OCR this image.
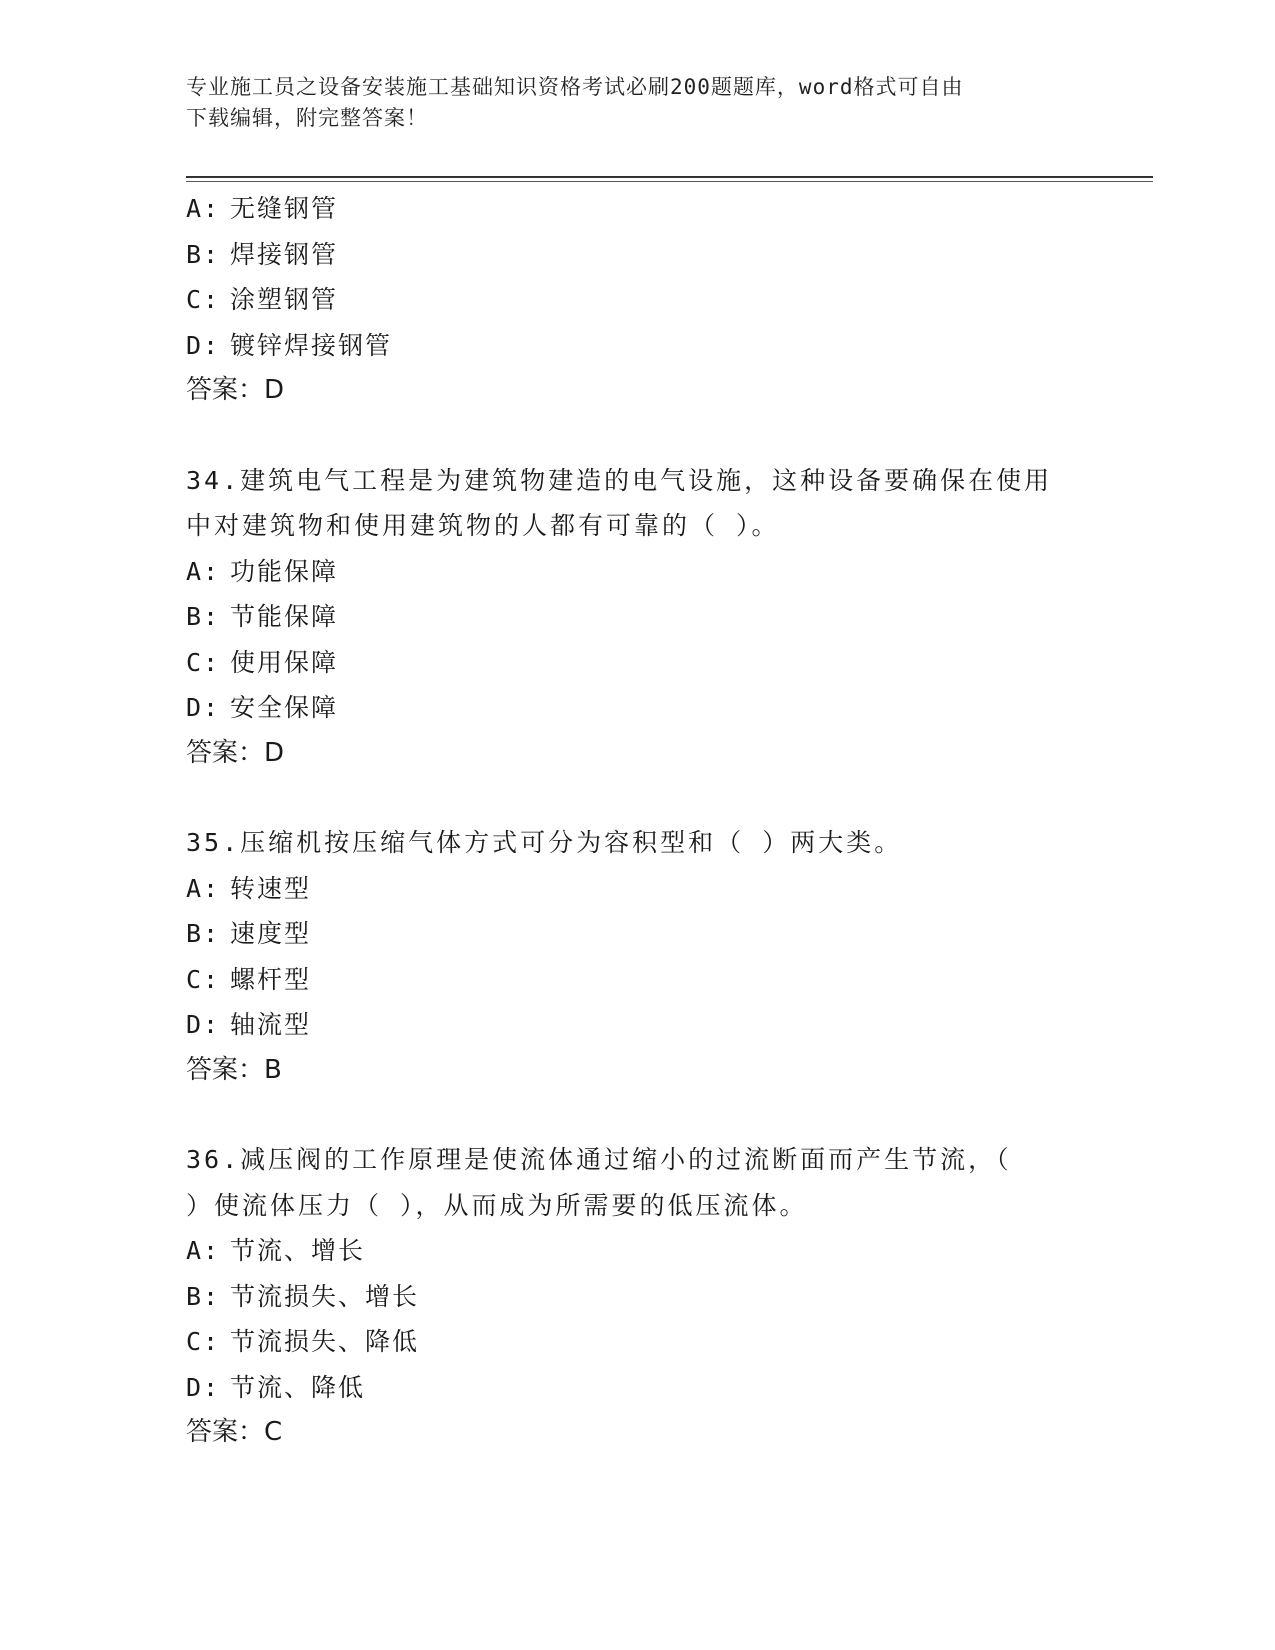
专业施工员之设备安装施工基础知识资格考试必刷200题题库，word格式可自由
下载编辑，附完整答案！
A: 无缝钢管
B: 焊接钢管
C: 涂塑钢管
D: 镀锌焊接钢管
答案：D
34.建筑电气工程是为建筑物建造的电气设施，这种设备要确保在使用
中对建筑物和使用建筑物的人都有可靠的（ ）。
A: 功能保障
B: 节能保障
C: 使用保障
D: 安全保障
答案：D
35.压缩机按压缩气体方式可分为容积型和（ ）两大类。
A: 转速型
B: 速度型
C: 螺杆型
D: 轴流型
答案：B
36.减压阀的工作原理是使流体通过缩小的过流断面而产生节流，（
）使流体压力（ ），从而成为所需要的低压流体。
A: 节流、增长
B: 节流损失、增长
C: 节流损失、降低
D: 节流、降低
答案：C
